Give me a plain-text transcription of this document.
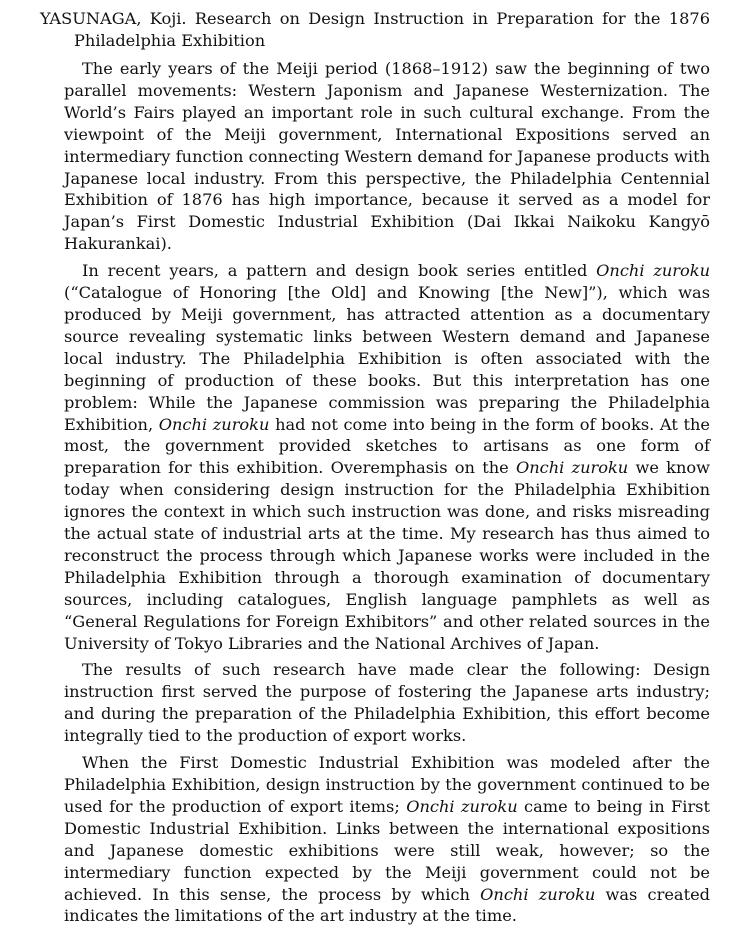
YASUNAGA, Koji. Research on Design Instruction in Preparation for the 1876 Philadelphia Exhibition

The early years of the Meiji period (1868–1912) saw the beginning of two parallel movements: Western Japonism and Japanese Westernization. The World’s Fairs played an important role in such cultural exchange. From the viewpoint of the Meiji government, International Expositions served an intermediary function connecting Western demand for Japanese products with Japanese local industry. From this perspective, the Philadelphia Centennial Exhibition of 1876 has high importance, because it served as a model for Japan’s First Domestic Industrial Exhibition (Dai Ikkai Naikoku Kangyō Hakurankai).

In recent years, a pattern and design book series entitled Onchi zuroku (“Catalogue of Honoring [the Old] and Knowing [the New]”), which was produced by Meiji government, has attracted attention as a documentary source revealing systematic links between Western demand and Japanese local industry. The Philadelphia Exhibition is often associated with the beginning of production of these books. But this interpretation has one problem: While the Japanese commission was preparing the Philadelphia Exhibition, Onchi zuroku had not come into being in the form of books. At the most, the government provided sketches to artisans as one form of preparation for this exhibition. Overemphasis on the Onchi zuroku we know today when considering design instruction for the Philadelphia Exhibition ignores the context in which such instruction was done, and risks misreading the actual state of industrial arts at the time. My research has thus aimed to reconstruct the process through which Japanese works were included in the Philadelphia Exhibition through a thorough examination of documentary sources, including catalogues, English language pamphlets as well as “General Regulations for Foreign Exhibitors” and other related sources in the University of Tokyo Libraries and the National Archives of Japan.

The results of such research have made clear the following: Design instruction first served the purpose of fostering the Japanese arts industry; and during the preparation of the Philadelphia Exhibition, this effort become integrally tied to the production of export works.

When the First Domestic Industrial Exhibition was modeled after the Philadelphia Exhibition, design instruction by the government continued to be used for the production of export items; Onchi zuroku came to being in First Domestic Industrial Exhibition. Links between the international expositions and Japanese domestic exhibitions were still weak, however; so the intermediary function expected by the Meiji government could not be achieved. In this sense, the process by which Onchi zuroku was created indicates the limitations of the art industry at the time.
